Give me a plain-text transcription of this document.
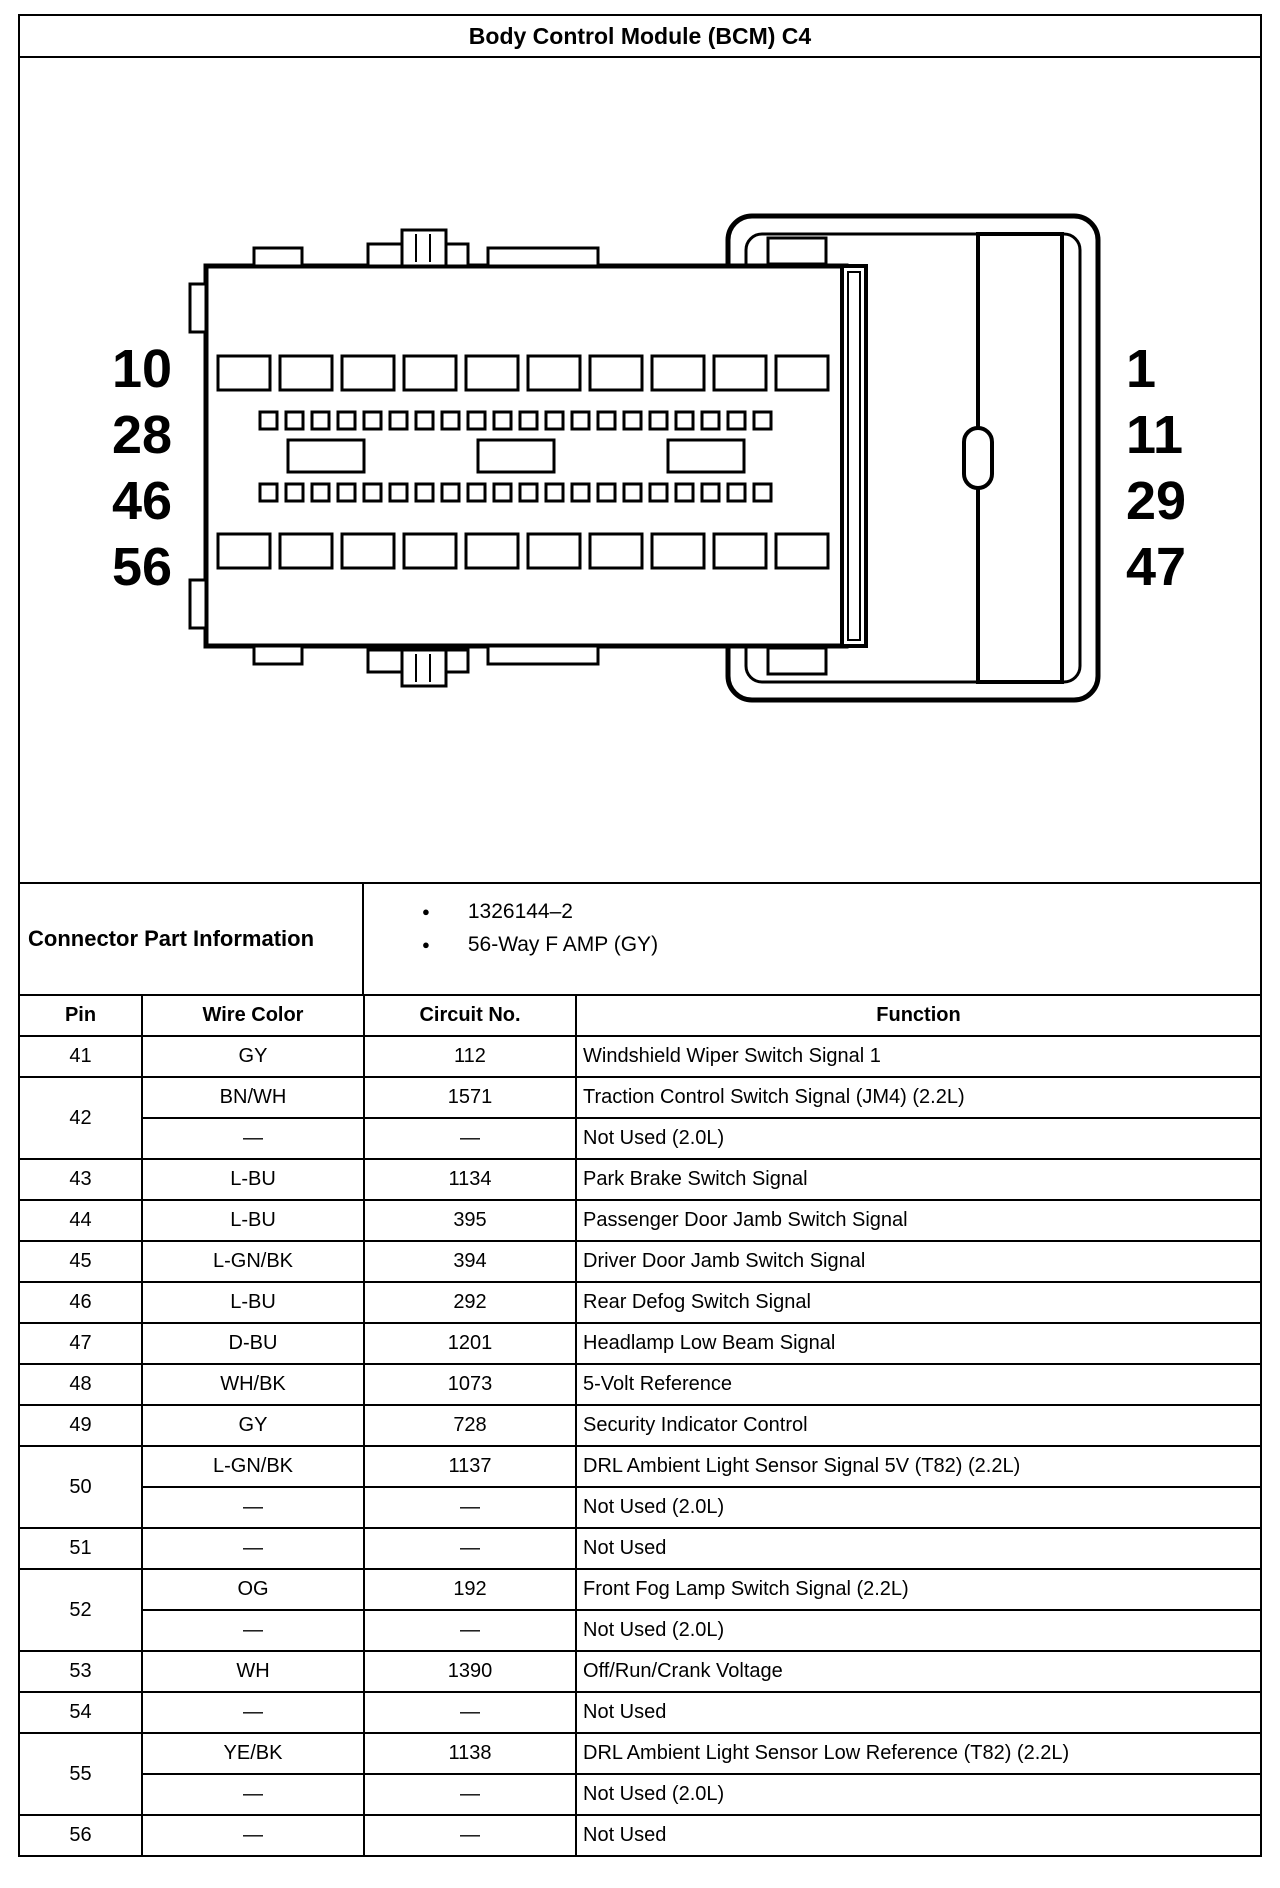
Body Control Module (BCM) C4
10
28
46
56
1
11
29
47
Connector Part Information
● 1326144–2
● 56-Way F AMP (GY)
Pin	Wire Color	Circuit No.	Function
41	GY	112	Windshield Wiper Switch Signal 1
42	BN/WH	1571	Traction Control Switch Signal (JM4) (2.2L)
	—	—	Not Used (2.0L)
43	L-BU	1134	Park Brake Switch Signal
44	L-BU	395	Passenger Door Jamb Switch Signal
45	L-GN/BK	394	Driver Door Jamb Switch Signal
46	L-BU	292	Rear Defog Switch Signal
47	D-BU	1201	Headlamp Low Beam Signal
48	WH/BK	1073	5-Volt Reference
49	GY	728	Security Indicator Control
50	L-GN/BK	1137	DRL Ambient Light Sensor Signal 5V (T82) (2.2L)
	—	—	Not Used (2.0L)
51	—	—	Not Used
52	OG	192	Front Fog Lamp Switch Signal (2.2L)
	—	—	Not Used (2.0L)
53	WH	1390	Off/Run/Crank Voltage
54	—	—	Not Used
55	YE/BK	1138	DRL Ambient Light Sensor Low Reference (T82) (2.2L)
	—	—	Not Used (2.0L)
56	—	—	Not Used
